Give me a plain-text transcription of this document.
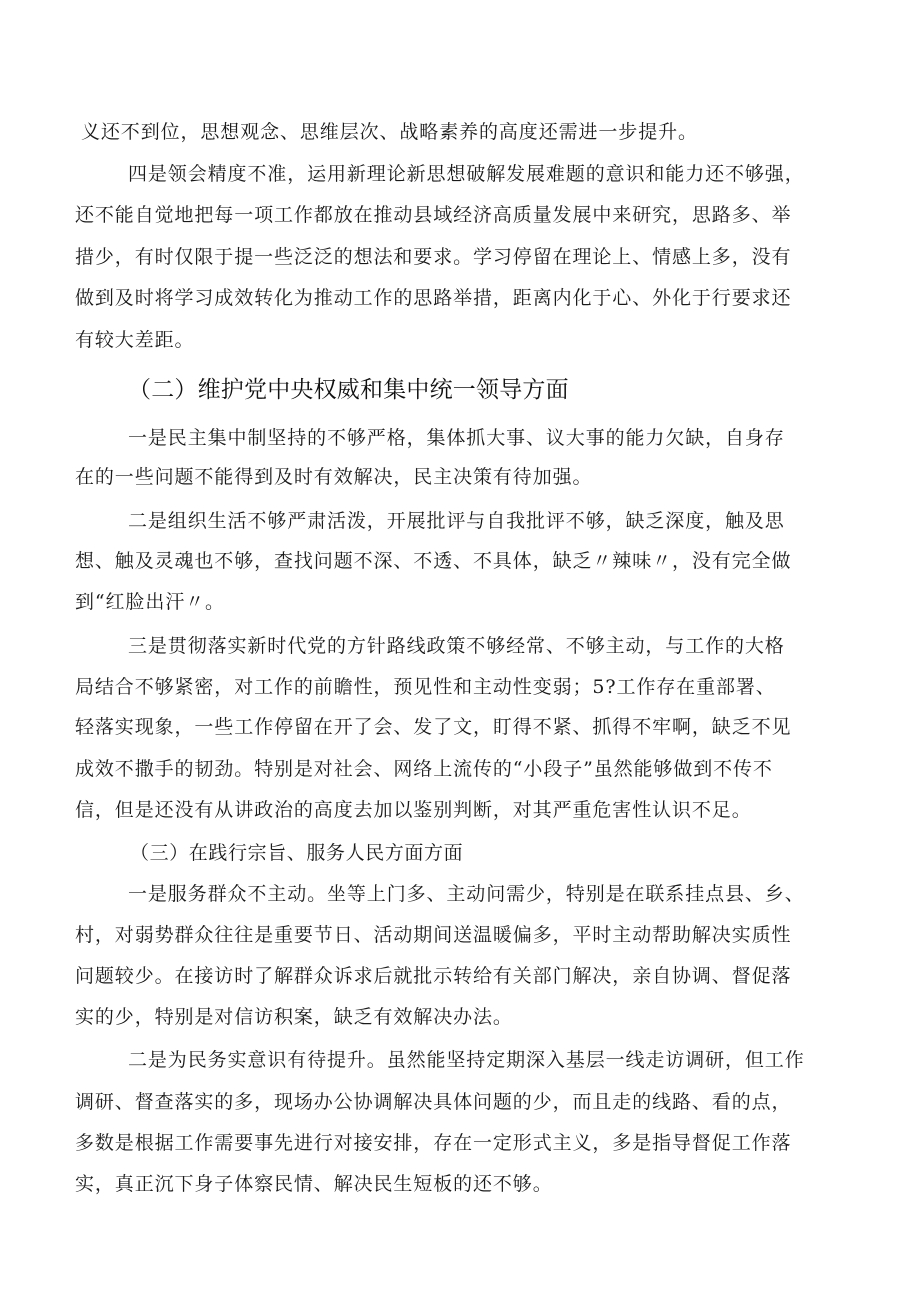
义还不到位，思想观念、思维层次、战略素养的高度还需进一步提升。
四是领会精度不准，运用新理论新思想破解发展难题的意识和能力还不够强，
还不能自觉地把每一项工作都放在推动县域经济高质量发展中来研究，思路多、举
措少，有时仅限于提一些泛泛的想法和要求。学习停留在理论上、情感上多，没有
做到及时将学习成效转化为推动工作的思路举措，距离内化于心、外化于行要求还
有较大差距。
（二）维护党中央权威和集中统一领导方面
一是民主集中制坚持的不够严格，集体抓大事、议大事的能力欠缺，自身存
在的一些问题不能得到及时有效解决，民主决策有待加强。
二是组织生活不够严肃活泼，开展批评与自我批评不够，缺乏深度，触及思
想、触及灵魂也不够，查找问题不深、不透、不具体，缺乏〃辣味〃，没有完全做
到“红脸出汗〃。
三是贯彻落实新时代党的方针路线政策不够经常、不够主动，与工作的大格
局结合不够紧密，对工作的前瞻性，预见性和主动性变弱；5?工作存在重部署、
轻落实现象，一些工作停留在开了会、发了文，盯得不紧、抓得不牢啊，缺乏不见
成效不撒手的韧劲。特别是对社会、网络上流传的“小段子”虽然能够做到不传不
信，但是还没有从讲政治的高度去加以鉴别判断，对其严重危害性认识不足。
（三）在践行宗旨、服务人民方面方面
一是服务群众不主动。坐等上门多、主动问需少，特别是在联系挂点县、乡、
村，对弱势群众往往是重要节日、活动期间送温暖偏多，平时主动帮助解决实质性
问题较少。在接访时了解群众诉求后就批示转给有关部门解决，亲自协调、督促落
实的少，特别是对信访积案，缺乏有效解决办法。
二是为民务实意识有待提升。虽然能坚持定期深入基层一线走访调研，但工作
调研、督查落实的多，现场办公协调解决具体问题的少，而且走的线路、看的点，
多数是根据工作需要事先进行对接安排，存在一定形式主义，多是指导督促工作落
实，真正沉下身子体察民情、解决民生短板的还不够。
